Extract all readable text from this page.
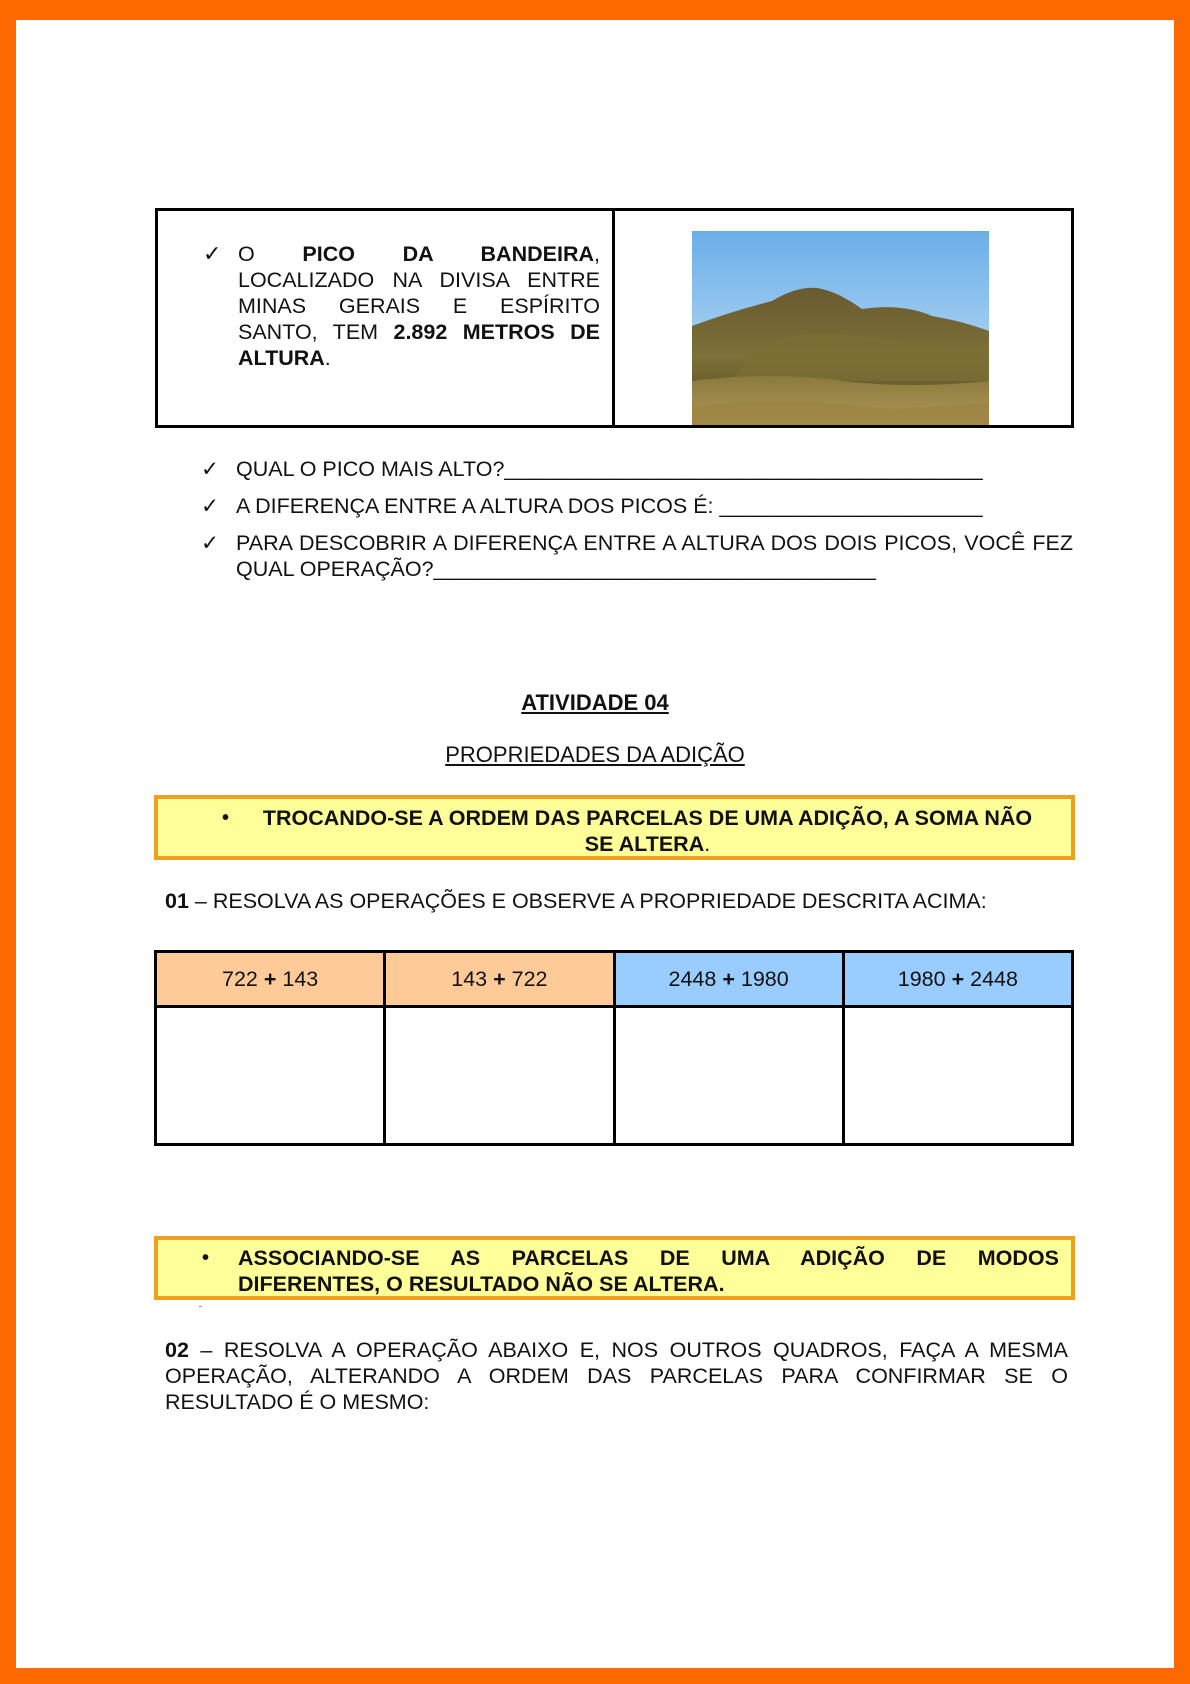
✓ O PICO DA BANDEIRA, LOCALIZADO NA DIVISA ENTRE MINAS GERAIS E ESPÍRITO SANTO, TEM 2.892 METROS DE ALTURA.
✓ QUAL O PICO MAIS ALTO?________________________________________
✓ A DIFERENÇA ENTRE A ALTURA DOS PICOS É: ______________________
✓ PARA DESCOBRIR A DIFERENÇA ENTRE A ALTURA DOS DOIS PICOS, VOCÊ FEZ QUAL OPERAÇÃO?_____________________________________
ATIVIDADE 04
PROPRIEDADES DA ADIÇÃO
•	TROCANDO-SE A ORDEM DAS PARCELAS DE UMA ADIÇÃO, A SOMA NÃO SE ALTERA.
01 – RESOLVA AS OPERAÇÕES E OBSERVE A PROPRIEDADE DESCRITA ACIMA:
722 + 143	143 + 722	2448 + 1980	1980 + 2448

• ASSOCIANDO-SE AS PARCELAS DE UMA ADIÇÃO DE MODOS
DIFERENTES, O RESULTADO NÃO SE ALTERA.
ˆ
02 – RESOLVA A OPERAÇÃO ABAIXO E, NOS OUTROS QUADROS, FAÇA A MESMA OPERAÇÃO, ALTERANDO A ORDEM DAS PARCELAS PARA CONFIRMAR SE O RESULTADO É O MESMO:
